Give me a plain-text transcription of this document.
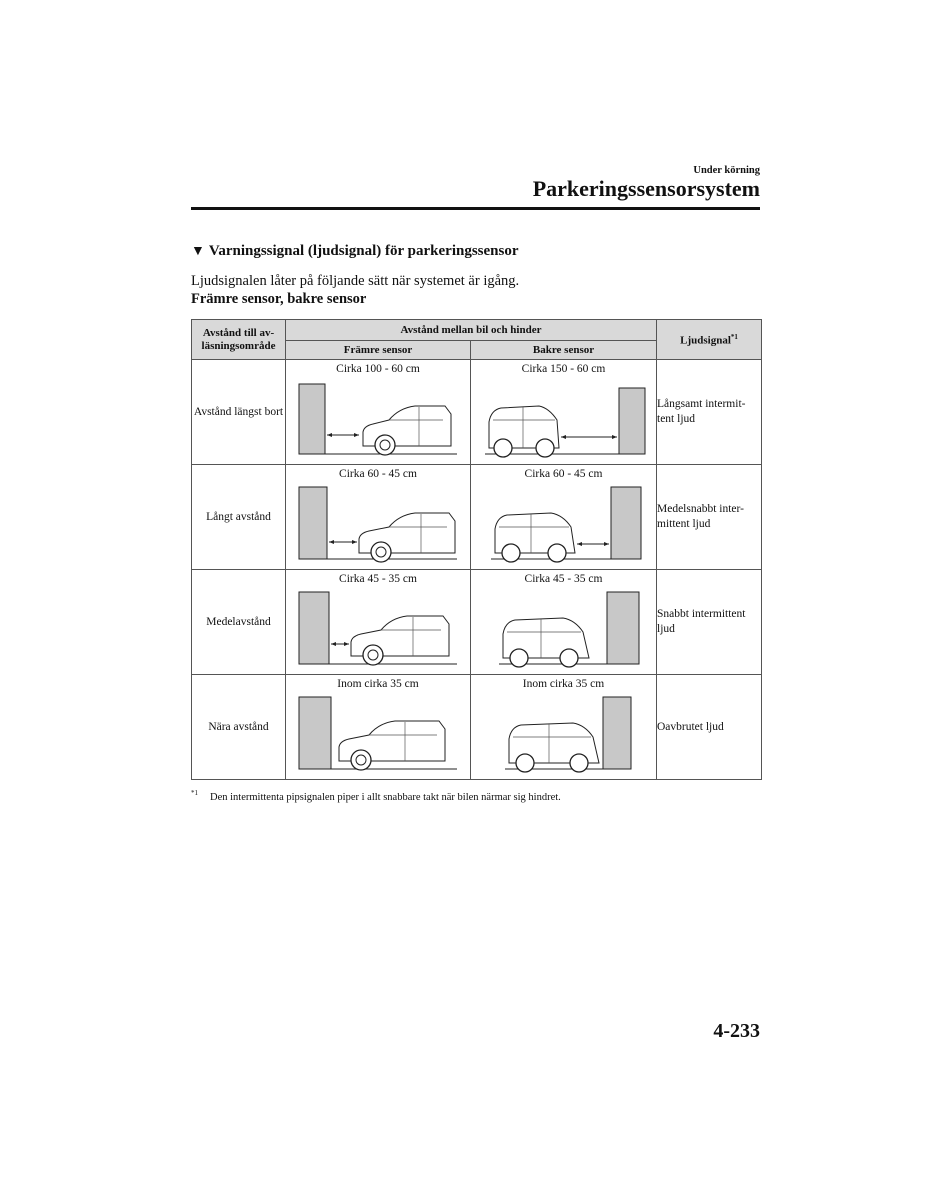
Under körning
Parkeringssensorsystem
▼ Varningssignal (ljudsignal) för parkeringssensor
Ljudsignalen låter på följande sätt när systemet är igång.
Främre sensor, bakre sensor
Avstånd till av-läsningsområde	Avstånd mellan bil och hinder		Ljudsignal$^{*1}$
	Främre sensor	Bakre sensor	
Avstånd längst bort	Cirka 100 - 60 cm	Cirka 150 - 60 cm	Långsamt intermit-tent ljud
Långt avstånd	Cirka 60 - 45 cm	Cirka 60 - 45 cm	Medelsnabbt inter-mittent ljud
Medelavstånd	Cirka 45 - 35 cm	Cirka 45 - 35 cm	Snabbt intermittent ljud
Nära avstånd	Inom cirka 35 cm	Inom cirka 35 cm	Oavbrutet ljud
$^{*1}$ Den intermittenta pipsignalen piper i allt snabbare takt när bilen närmar sig hindret.
4-233
